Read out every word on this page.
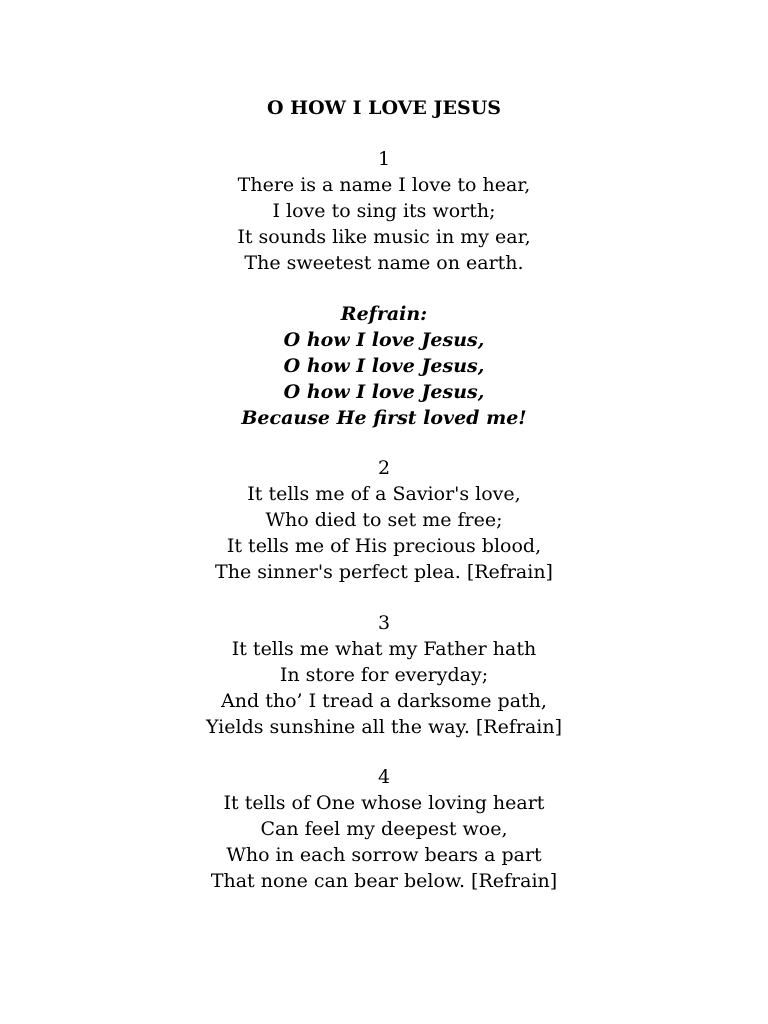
O HOW I LOVE JESUS
1
There is a name I love to hear,
I love to sing its worth;
It sounds like music in my ear,
The sweetest name on earth.
Refrain:
O how I love Jesus,
O how I love Jesus,
O how I love Jesus,
Because He first loved me!
2
It tells me of a Savior's love,
Who died to set me free;
It tells me of His precious blood,
The sinner's perfect plea. [Refrain]
3
It tells me what my Father hath
In store for everyday;
And tho’ I tread a darksome path,
Yields sunshine all the way. [Refrain]
4
It tells of One whose loving heart
Can feel my deepest woe,
Who in each sorrow bears a part
That none can bear below. [Refrain]
